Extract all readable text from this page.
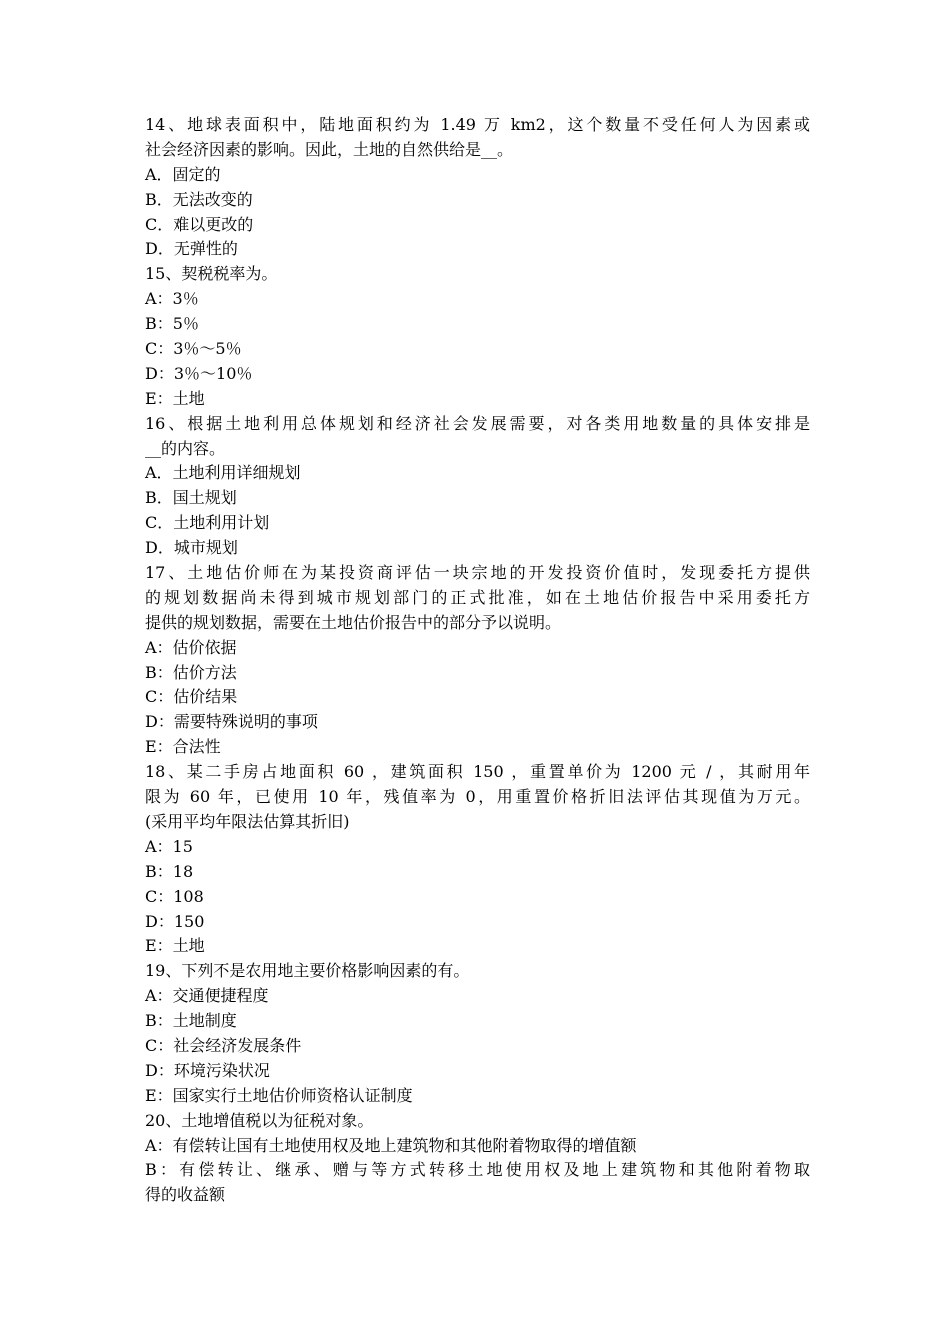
14、地球表面积中，陆地面积约为 1.49 万 km2，这个数量不受任何人为因素或
社会经济因素的影响。因此，土地的自然供给是__。
A．固定的
B．无法改变的
C．难以更改的
D．无弹性的
15、契税税率为。
A：3％
B：5％
C：3％～5％
D：3％～10％
E：土地
16、根据土地利用总体规划和经济社会发展需要，对各类用地数量的具体安排是
__的内容。
A．土地利用详细规划
B．国土规划
C．土地利用计划
D．城市规划
17、土地估价师在为某投资商评估一块宗地的开发投资价值时，发现委托方提供
的规划数据尚未得到城市规划部门的正式批准，如在土地估价报告中采用委托方
提供的规划数据，需要在土地估价报告中的部分予以说明。
A：估价依据
B：估价方法
C：估价结果
D：需要特殊说明的事项
E：合法性
18、某二手房占地面积 60 ，建筑面积 150 ，重置单价为 1200 元 / ，其耐用年
限为 60 年，已使用 10 年，残值率为 0，用重置价格折旧法评估其现值为万元。
(采用平均年限法估算其折旧)
A：15
B：18
C：108
D：150
E：土地
19、下列不是农用地主要价格影响因素的有。
A：交通便捷程度
B：土地制度
C：社会经济发展条件
D：环境污染状况
E：国家实行土地估价师资格认证制度
20、土地增值税以为征税对象。
A：有偿转让国有土地使用权及地上建筑物和其他附着物取得的增值额
B：有偿转让、继承、赠与等方式转移土地使用权及地上建筑物和其他附着物取
得的收益额
